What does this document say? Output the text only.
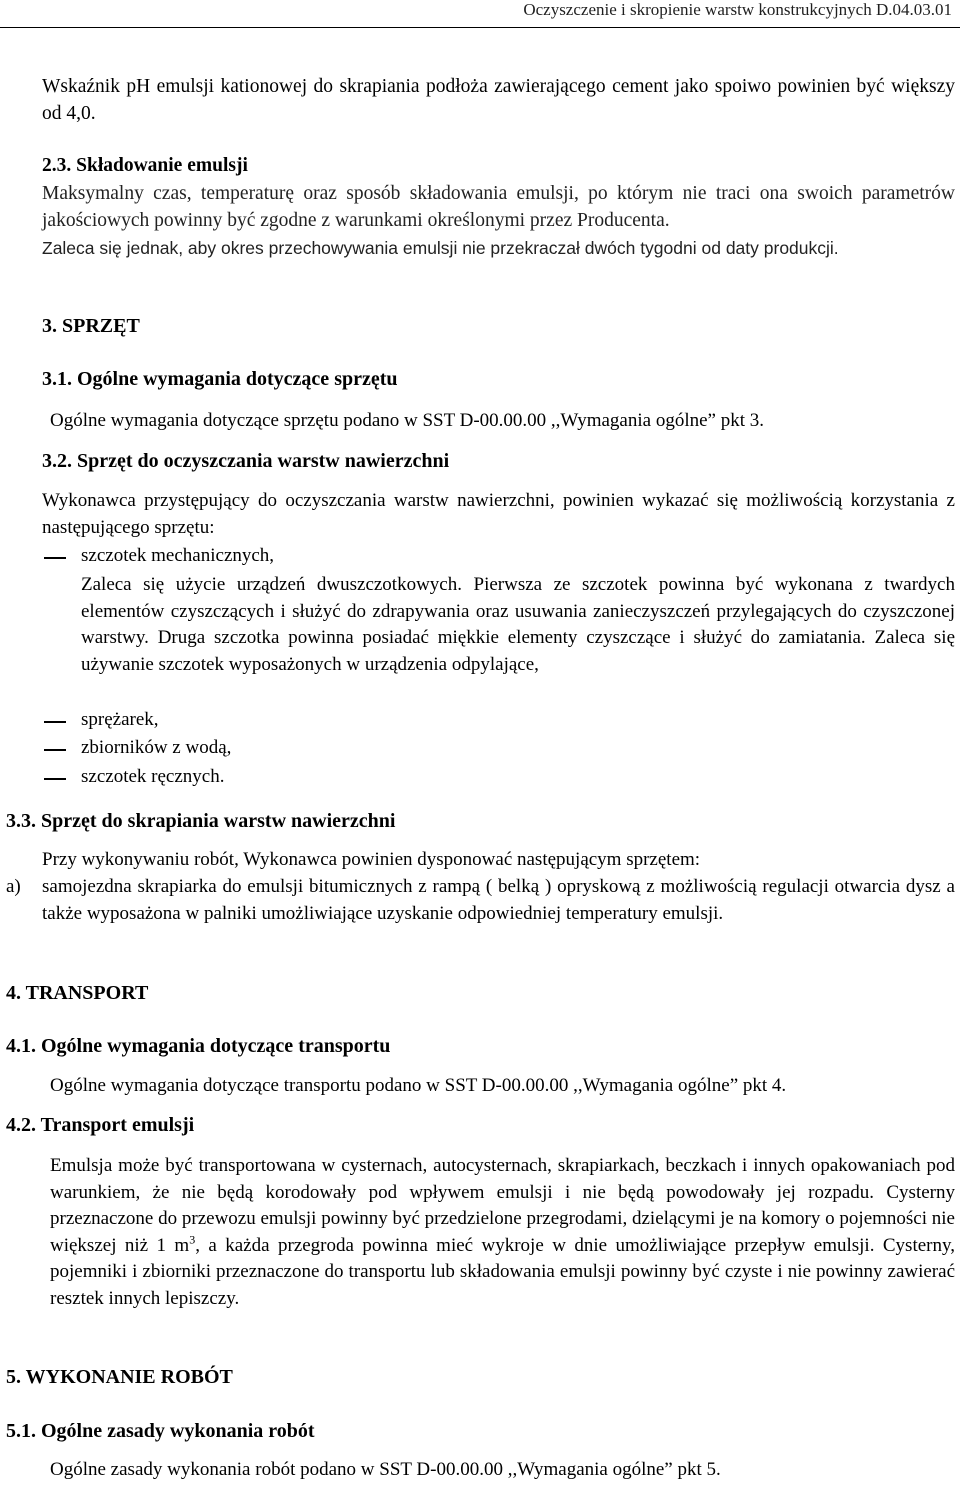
Oczyszczenie i skropienie warstw konstrukcyjnych D.04.03.01
Wskaźnik pH emulsji kationowej do skrapiania podłoża zawierającego cement jako spoiwo powinien być większy od 4,0.
2.3. Składowanie emulsji
Maksymalny czas, temperaturę oraz sposób składowania emulsji, po którym nie traci ona swoich parametrów jakościowych powinny być zgodne z warunkami określonymi przez Producenta.
Zaleca się jednak, aby okres przechowywania emulsji nie przekraczał dwóch tygodni od daty produkcji.
3. SPRZĘT
3.1. Ogólne wymagania dotyczące sprzętu
Ogólne wymagania dotyczące sprzętu podano w SST D-00.00.00 ,,Wymagania ogólne” pkt 3.
3.2. Sprzęt do oczyszczania warstw nawierzchni
Wykonawca przystępujący do oczyszczania warstw nawierzchni, powinien wykazać się możliwością korzystania z następującego sprzętu:
szczotek mechanicznych,
Zaleca się użycie urządzeń dwuszczotkowych. Pierwsza ze szczotek powinna być wykonana z twardych elementów czyszczących i służyć do zdrapywania oraz usuwania zanieczyszczeń przylegających do czyszczonej warstwy. Druga szczotka powinna posiadać miękkie elementy czyszczące i służyć do zamiatania. Zaleca się używanie szczotek wyposażonych w urządzenia odpylające,
sprężarek,
zbiorników z wodą,
szczotek ręcznych.
3.3. Sprzęt do skrapiania warstw nawierzchni
Przy wykonywaniu robót, Wykonawca powinien dysponować następującym sprzętem:
a) samojezdna skrapiarka do emulsji bitumicznych z rampą ( belką ) opryskową z możliwością regulacji otwarcia dysz a także wyposażona w palniki umożliwiające uzyskanie odpowiedniej temperatury emulsji.
4. TRANSPORT
4.1. Ogólne wymagania dotyczące transportu
Ogólne wymagania dotyczące transportu podano w SST D-00.00.00 ,,Wymagania ogólne” pkt 4.
4.2. Transport emulsji
Emulsja może być transportowana w cysternach, autocysternach, skrapiarkach, beczkach i innych opakowaniach pod warunkiem, że nie będą korodowały pod wpływem emulsji i nie będą powodowały jej rozpadu. Cysterny przeznaczone do przewozu emulsji powinny być przedzielone przegrodami, dzielącymi je na komory o pojemności nie większej niż 1 $m^3$, a każda przegroda powinna mieć wykroje w dnie umożliwiające przepływ emulsji. Cysterny, pojemniki i zbiorniki przeznaczone do transportu lub składowania emulsji powinny być czyste i nie powinny zawierać resztek innych lepiszczy.
5. WYKONANIE ROBÓT
5.1. Ogólne zasady wykonania robót
Ogólne zasady wykonania robót podano w SST D-00.00.00 ,,Wymagania ogólne” pkt 5.
